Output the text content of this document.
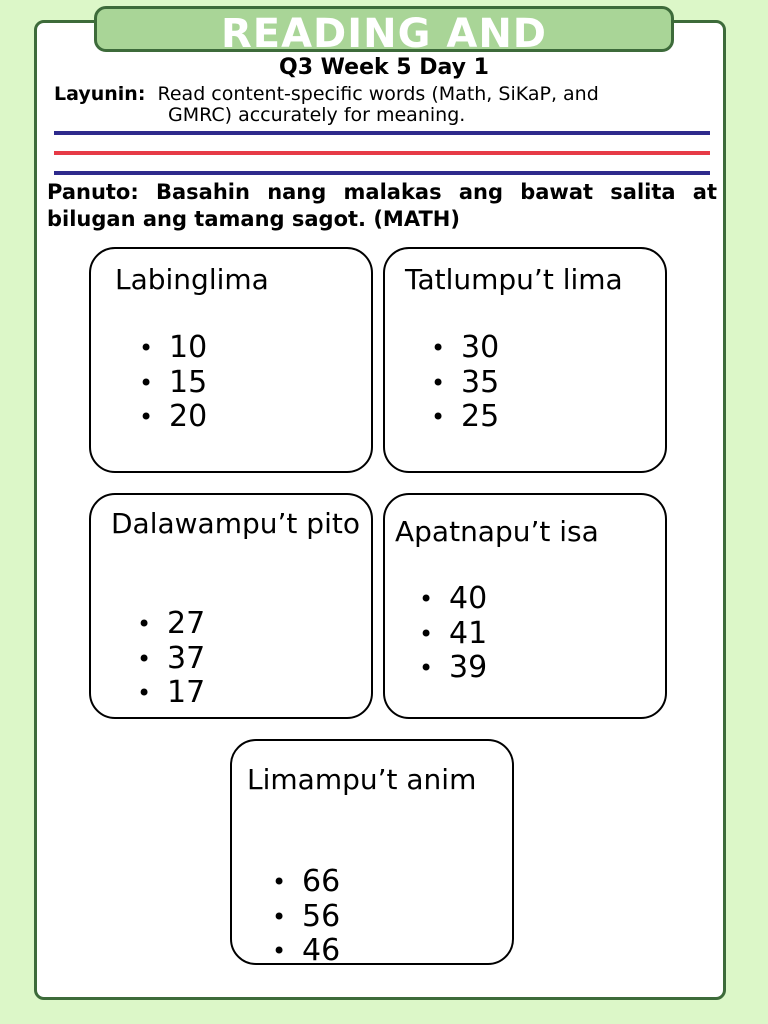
READING AND
Q3 Week 5 Day 1
Layunin: Read content-specific words (Math, SiKaP, and
GMRC) accurately for meaning.
Panuto: Basahin nang malakas ang bawat salita at bilugan ang tamang sagot. (MATH)
Labinglima
• 10
• 15
• 20
Tatlumpu’t lima
• 30
• 35
• 25
Dalawampu’t pito
• 27
• 37
• 17
Apatnapu’t isa
• 40
• 41
• 39
Limampu’t anim
• 66
• 56
• 46
